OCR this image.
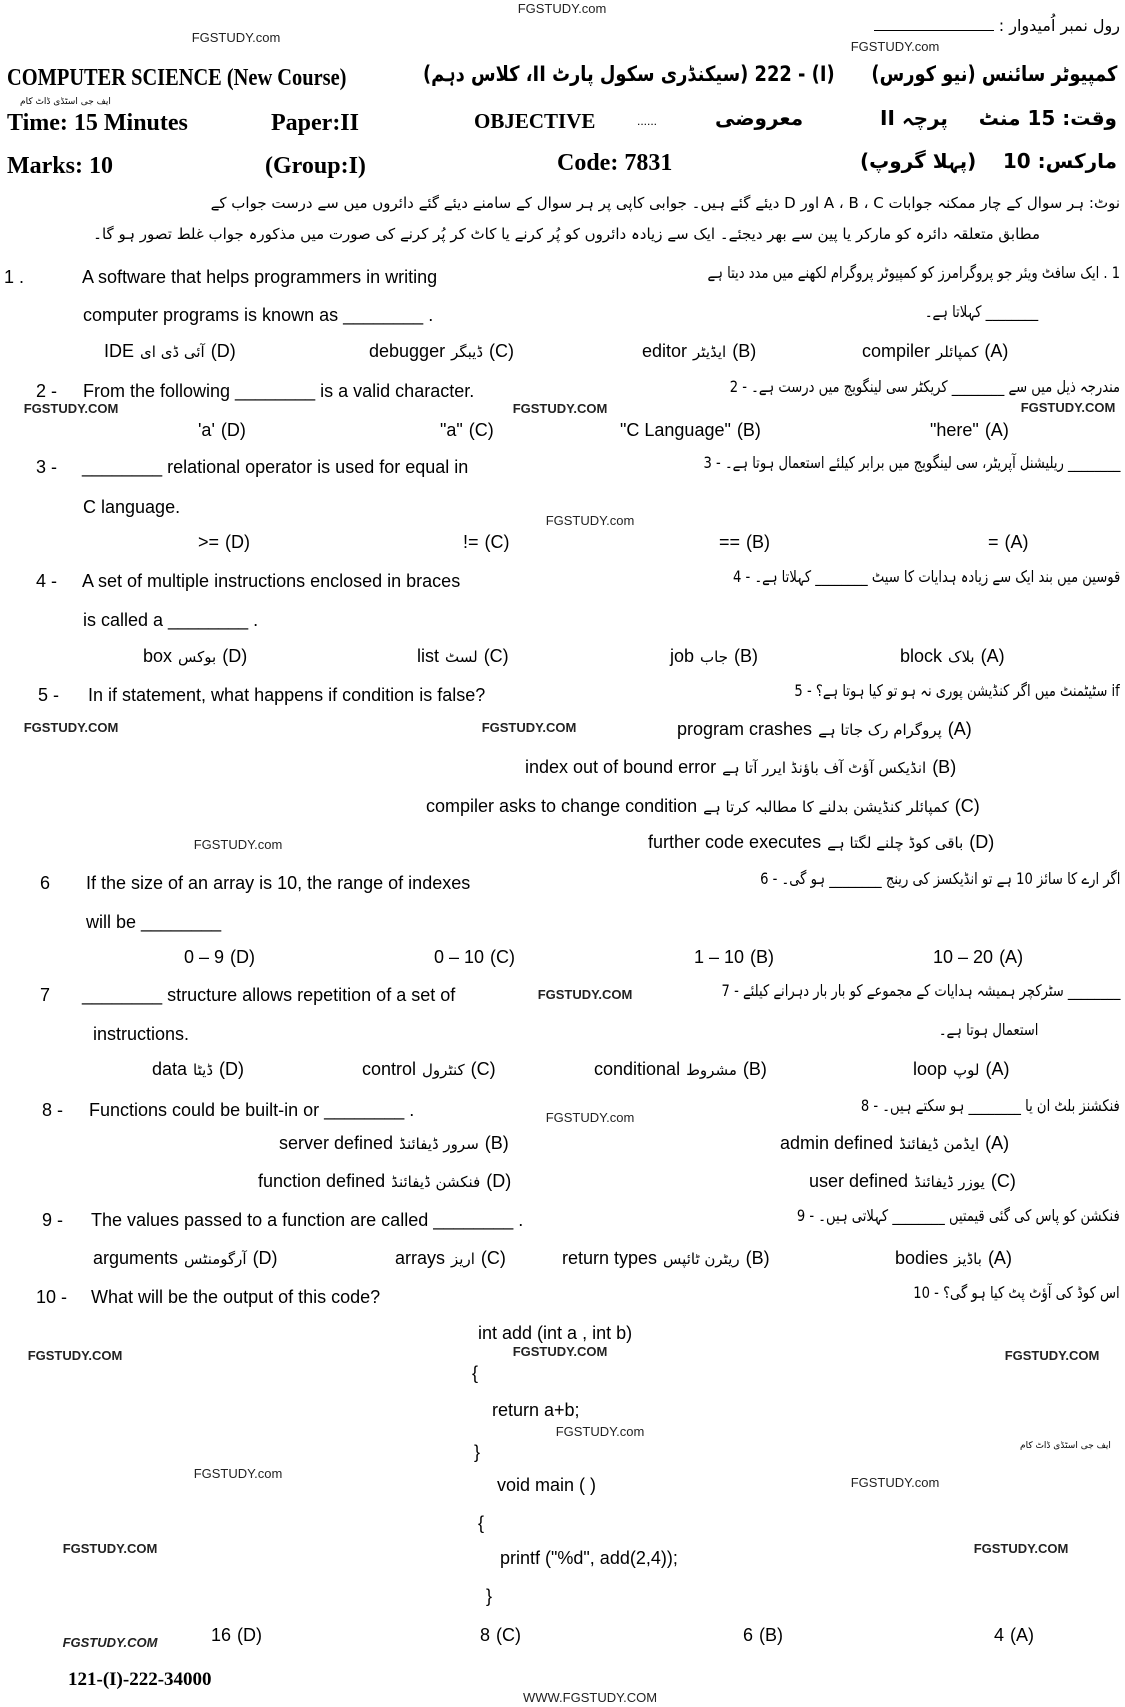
FGSTUDY.com
FGSTUDY.com
FGSTUDY.com
FGSTUDY.COM	FGSTUDY.COM	FGSTUDY.COM
FGSTUDY.com
FGSTUDY.COM	FGSTUDY.COM
FGSTUDY.com
FGSTUDY.COM
FGSTUDY.com
FGSTUDY.COM	FGSTUDY.COM	FGSTUDY.COM
FGSTUDY.com
FGSTUDY.com
FGSTUDY.com
FGSTUDY.COM	FGSTUDY.COM
FGSTUDY.COM
WWW.FGSTUDY.COM
ایف جی اسٹڈی ڈاٹ کام
ایف جی اسٹڈی ڈاٹ کام
رول نمبر اُمیدوار :
COMPUTER SCIENCE (New Course)	(I) - 222 (سیکنڈری سکول پارٹ II، کلاس دہم) کمپیوٹر سائنس (نیو کورس)
Time: 15 Minutes	Paper:II	OBJECTIVE	......	معروضی	پرچہ II وقت: 15 منٹ
Marks: 10	(Group:I)	Code: 7831	(پہلا گروپ) مارکس: 10
نوٹ: ہر سوال کے چار ممکنہ جوابات A ، B ، C اور D دیئے گئے ہیں۔ جوابی کاپی پر ہر سوال کے سامنے دیئے گئے دائروں میں سے درست جواب کے
مطابق متعلقہ دائرہ کو مارکر یا پین سے بھر دیجئے۔ ایک سے زیادہ دائروں کو پُر کرنے یا کاٹ کر پُر کرنے کی صورت میں مذکورہ جواب غلط تصور ہو گا۔
1 .	A software that helps programmers in writing
computer programs is known as ________ .
1 . ایک سافٹ ویئر جو پروگرامرز کو کمپیوٹر پروگرام لکھنے میں مدد دیتا ہے
________ کہلاتا ہے۔
IDE آئی ڈی ای (D)	debugger ڈیبگر (C)	editor ایڈیٹر (B)	compiler کمپائلر (A)
2 - From the following ________ is a valid character.	مندرجہ ذیل میں سے ________ کریکٹر سی لینگویج میں درست ہے۔ - 2
'a' (D)	"a" (C)	"C Language" (B)	"here" (A)
3 - ________ relational operator is used for equal in
C language.
________ ریلیشنل آپریٹر، سی لینگویج میں برابر کیلئے استعمال ہوتا ہے۔ - 3
>= (D)	!= (C)	== (B)	= (A)
4 - A set of multiple instructions enclosed in braces
is called a ________ .
قوسین میں بند ایک سے زیادہ ہدایات کا سیٹ ________ کہلاتا ہے۔ - 4
box بوکس (D)	list لسٹ (C)	job جاب (B)	block بلاک (A)
5 - In if statement, what happens if condition is false?	if سٹیٹمنٹ میں اگر کنڈیشن پوری نہ ہو تو کیا ہوتا ہے؟ - 5
program crashes پروگرام رک جاتا ہے (A)
index out of bound error انڈیکس آؤٹ آف باؤنڈ ایرر آتا ہے (B)
compiler asks to change condition کمپائلر کنڈیشن بدلنے کا مطالبہ کرتا ہے (C)
further code executes باقی کوڈ چلنے لگتا ہے (D)
6 If the size of an array is 10, the range of indexes
will be ________
اگر ارے کا سائز 10 ہے تو انڈیکسز کی رینج ________ ہو گی۔ - 6
0 – 9 (D)	0 – 10 (C)	1 – 10 (B)	10 – 20 (A)
7 ________ structure allows repetition of a set of
instructions.
________ سٹرکچر ہمیشہ ہدایات کے مجموعے کو بار بار دہرانے کیلئے - 7
استعمال ہوتا ہے۔
data ڈیٹا (D)	control کنٹرول (C)	conditional مشروط (B)	loop لوپ (A)
8 - Functions could be built-in or ________ .	فنکشنز بلٹ ان یا ________ ہو سکتے ہیں۔ - 8
server defined سرور ڈیفائنڈ (B)	admin defined ایڈمن ڈیفائنڈ (A)
function defined فنکشن ڈیفائنڈ (D)	user defined یوزر ڈیفائنڈ (C)
9 - The values passed to a function are called ________ .	فنکشن کو پاس کی گئی قیمتیں ________ کہلاتی ہیں۔ - 9
arguments آرگومنٹس (D)	arrays اریز (C)	return types ریٹرن ٹائپس (B)	bodies باڈیز (A)
10 - What will be the output of this code?	اس کوڈ کی آؤٹ پٹ کیا ہو گی؟ - 10
int add (int a , int b)
{
return a+b;
}
void main ( )
{
printf ("%d", add(2,4));
}
16 (D)	8 (C)	6 (B)	4 (A)
121-(I)-222-34000
